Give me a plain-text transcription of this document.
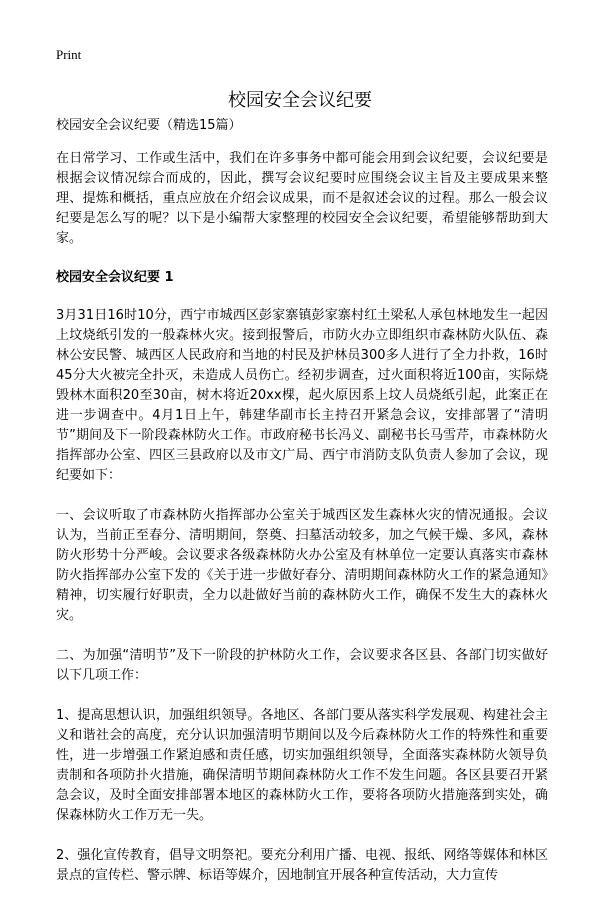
Print
校园安全会议纪要

校园安全会议纪要（精选15篇）

在日常学习、工作或生活中，我们在许多事务中都可能会用到会议纪要，会议纪要是根据会议情况综合而成的，因此，撰写会议纪要时应围绕会议主旨及主要成果来整理、提炼和概括，重点应放在介绍会议成果，而不是叙述会议的过程。那么一般会议纪要是怎么写的呢？以下是小编帮大家整理的校园安全会议纪要，希望能够帮助到大家。

校园安全会议纪要 1

3月31日16时10分，西宁市城西区彭家寨镇彭家寨村红土梁私人承包林地发生一起因上坟烧纸引发的一般森林火灾。接到报警后，市防火办立即组织市森林防火队伍、森林公安民警、城西区人民政府和当地的村民及护林员300多人进行了全力扑救，16时45分大火被完全扑灭，未造成人员伤亡。经初步调查，过火面积将近100亩，实际烧毁林木面积20至30亩，树木将近20xx棵，起火原因系上坟人员烧纸引起，此案正在进一步调查中。4月1日上午，韩建华副市长主持召开紧急会议，安排部署了“清明节”期间及下一阶段森林防火工作。市政府秘书长冯义、副秘书长马雪芹，市森林防火指挥部办公室、四区三县政府以及市文广局、西宁市消防支队负责人参加了会议，现纪要如下：

一、会议听取了市森林防火指挥部办公室关于城西区发生森林火灾的情况通报。会议认为，当前正至春分、清明期间，祭奠、扫墓活动较多，加之气候干燥、多风，森林防火形势十分严峻。会议要求各级森林防火办公室及有林单位一定要认真落实市森林防火指挥部办公室下发的《关于进一步做好春分、清明期间森林防火工作的紧急通知》精神，切实履行好职责，全力以赴做好当前的森林防火工作，确保不发生大的森林火灾。

二、为加强“清明节”及下一阶段的护林防火工作，会议要求各区县、各部门切实做好以下几项工作：

1、提高思想认识，加强组织领导。各地区、各部门要从落实科学发展观、构建社会主义和谐社会的高度，充分认识加强清明节期间以及今后森林防火工作的特殊性和重要性，进一步增强工作紧迫感和责任感，切实加强组织领导，全面落实森林防火领导负责制和各项防扑火措施，确保清明节期间森林防火工作不发生问题。各区县要召开紧急会议，及时全面安排部署本地区的森林防火工作，要将各项防火措施落到实处，确保森林防火工作万无一失。

2、强化宣传教育，倡导文明祭祀。要充分利用广播、电视、报纸、网络等媒体和林区景点的宣传栏、警示牌、标语等媒介，因地制宜开展各种宣传活动，大力宣传
